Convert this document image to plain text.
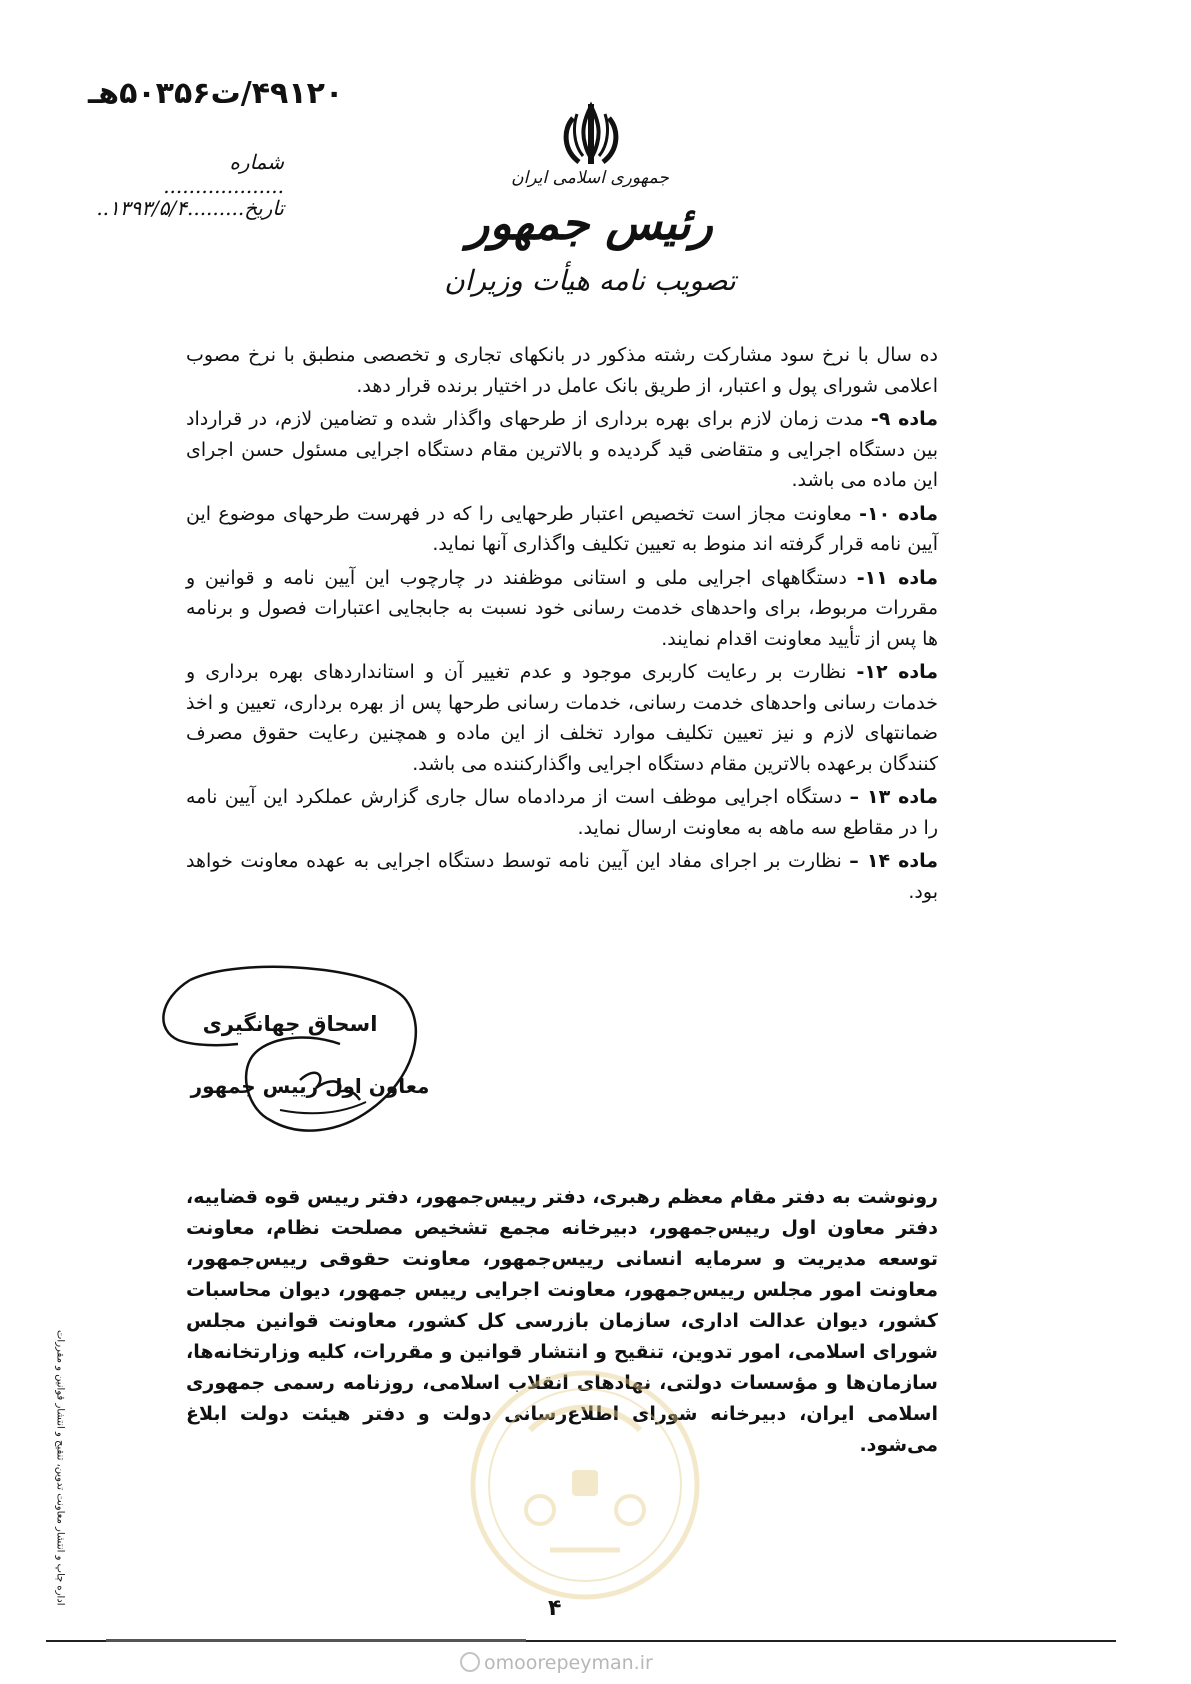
۴۹۱۲۰/ت۵۰۳۵۶هـ
شماره ...................
تاریخ.........۱۳۹۳/۵/۴..
جمهوری اسلامی ایران
رئیس جمهور
تصویب نامه هیأت وزیران

ده سال با نرخ سود مشارکت رشته مذکور در بانکهای تجاری و تخصصی منطبق با نرخ مصوب اعلامی شورای پول و اعتبار، از طریق بانک عامل در اختیار برنده قرار دهد.

ماده ۹- مدت زمان لازم برای بهره برداری از طرحهای واگذار شده و تضامین لازم، در قرارداد بین دستگاه اجرایی و متقاضی قید گردیده و بالاترین مقام دستگاه اجرایی مسئول حسن اجرای این ماده می باشد.

ماده ۱۰- معاونت مجاز است تخصیص اعتبار طرحهایی را که در فهرست طرحهای موضوع این آیین نامه قرار گرفته اند منوط به تعیین تکلیف واگذاری آنها نماید.

ماده ۱۱- دستگاههای اجرایی ملی و استانی موظفند در چارچوب این آیین نامه و قوانین و مقررات مربوط، برای واحدهای خدمت رسانی خود نسبت به جابجایی اعتبارات فصول و برنامه ها پس از تأیید معاونت اقدام نمایند.

ماده ۱۲- نظارت بر رعایت کاربری موجود و عدم تغییر آن و استانداردهای بهره برداری و خدمات رسانی واحدهای خدمت رسانی، خدمات رسانی طرحها پس از بهره برداری، تعیین و اخذ ضمانتهای لازم و نیز تعیین تکلیف موارد تخلف از این ماده و همچنین رعایت حقوق مصرف کنندگان برعهده بالاترین مقام دستگاه اجرایی واگذارکننده می باشد.

ماده ۱۳ – دستگاه اجرایی موظف است از مردادماه سال جاری گزارش عملکرد این آیین نامه را در مقاطع سه ماهه به معاونت ارسال نماید.

ماده ۱۴ – نظارت بر اجرای مفاد این آیین نامه توسط دستگاه اجرایی به عهده معاونت خواهد بود.

اسحاق جهانگیری
معاون اول رییس جمهور
رونوشت به دفتر مقام معظم رهبری، دفتر رییس‌جمهور، دفتر رییس قوه قضاییه، دفتر معاون اول رییس‌جمهور، دبیرخانه مجمع تشخیص مصلحت نظام، معاونت توسعه مدیریت و سرمایه انسانی رییس‌جمهور، معاونت حقوقی رییس‌جمهور، معاونت امور مجلس رییس‌جمهور، معاونت اجرایی رییس جمهور، دیوان محاسبات کشور، دیوان عدالت اداری، سازمان بازرسی کل کشور، معاونت قوانین مجلس شورای اسلامی، امور تدوین، تنقیح و انتشار قوانین و مقررات، کلیه وزارتخانه‌ها، سازمان‌ها و مؤسسات دولتی، نهادهای انقلاب اسلامی، روزنامه رسمی جمهوری اسلامی ایران، دبیرخانه شورای اطلاع‌رسانی دولت و دفتر هیئت دولت ابلاغ می‌شود.
اداره چاپ و انتشار معاونت تدوین، تنقیح و انتشار قوانین و مقررات
۴
omoorepeyman.ir
